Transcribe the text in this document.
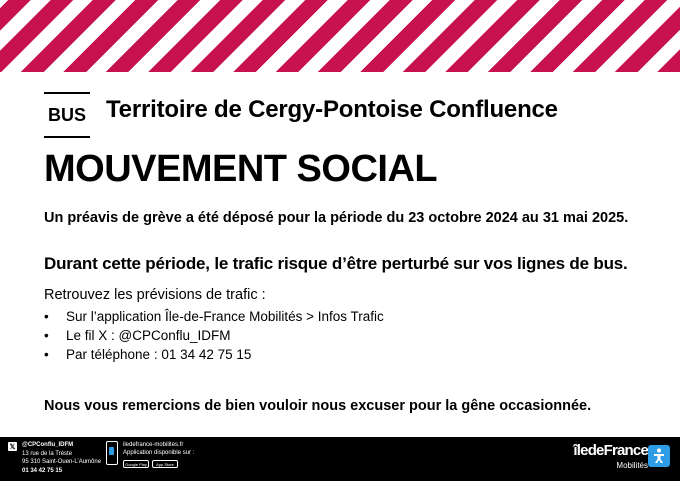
BUS Territoire de Cergy-Pontoise Confluence
MOUVEMENT SOCIAL
Un préavis de grève a été déposé pour la période du 23 octobre 2024 au 31 mai 2025.
Durant cette période, le trafic risque d’être perturbé sur vos lignes de bus.
Retrouvez les prévisions de trafic :
•	Sur l’application Île-de-France Mobilités > Infos Trafic
•	Le fil X : @CPConflu_IDFM
•	Par téléphone : 01 34 42 75 15
Nous vous remercions de bien vouloir nous excuser pour la gêne occasionnée.
𝕏 @CPConflu_IDFM
13 rue de la Tréste
95 310 Saint-Ouen-L’Aumône
01 34 42 75 15
iledefrance-mobilites.fr
Application disponible sur :
Google Play	App Store
îledeFrance
Mobilités
